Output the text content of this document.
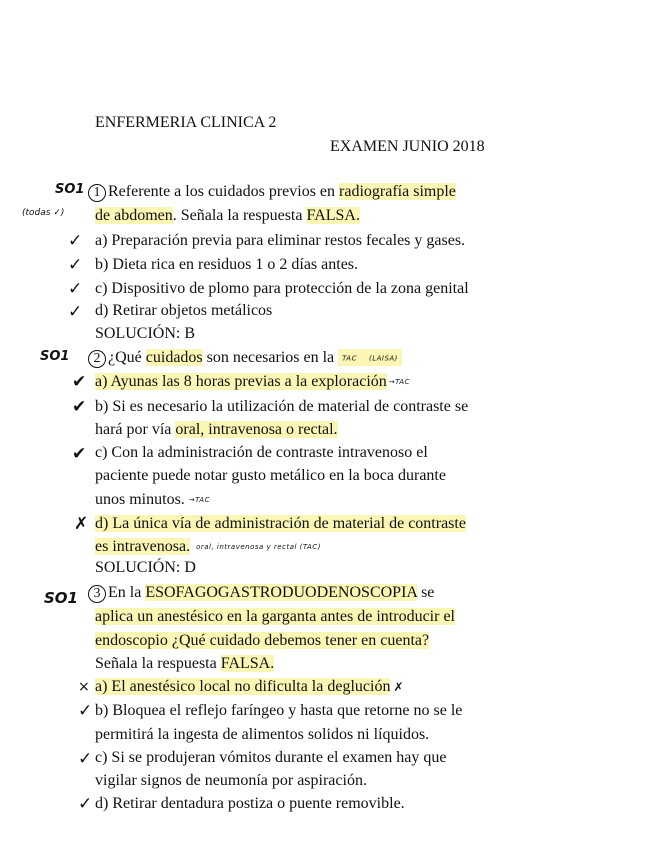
ENFERMERIA CLINICA 2
EXAMEN JUNIO 2018
SO1
(todas ✓)
1 Referente a los cuidados previos en radiografía simple
de abdomen. Señala la respuesta FALSA.
✓ a) Preparación previa para eliminar restos fecales y gases.
✓ b) Dieta rica en residuos 1 o 2 días antes.
✓ c) Dispositivo de plomo para protección de la zona genital
✓ d) Retirar objetos metálicos
SOLUCIÓN: B
SO1	2 ¿Qué cuidados son necesarios en la TAC (LAISA)
✔ a) Ayunas las 8 horas previas a la exploración →TAC
✔ b) Si es necesario la utilización de material de contraste se
hará por vía oral, intravenosa o rectal.
✔ c) Con la administración de contraste intravenoso el
paciente puede notar gusto metálico en la boca durante
unos minutos. →TAC
✗ d) La única vía de administración de material de contraste
es intravenosa. oral, intravenosa y rectal (TAC)
SOLUCIÓN: D
SO1	3 En la ESOFAGOGASTRODUODENOSCOPIA se
aplica un anestésico en la garganta antes de introducir el
endoscopio ¿Qué cuidado debemos tener en cuenta?
Señala la respuesta FALSA.
× a) El anestésico local no dificulta la deglución ✗
✓ b) Bloquea el reflejo faríngeo y hasta que retorne no se le
permitirá la ingesta de alimentos solidos ni líquidos.
✓ c) Si se produjeran vómitos durante el examen hay que
vigilar signos de neumonía por aspiración.
✓ d) Retirar dentadura postiza o puente removible.
